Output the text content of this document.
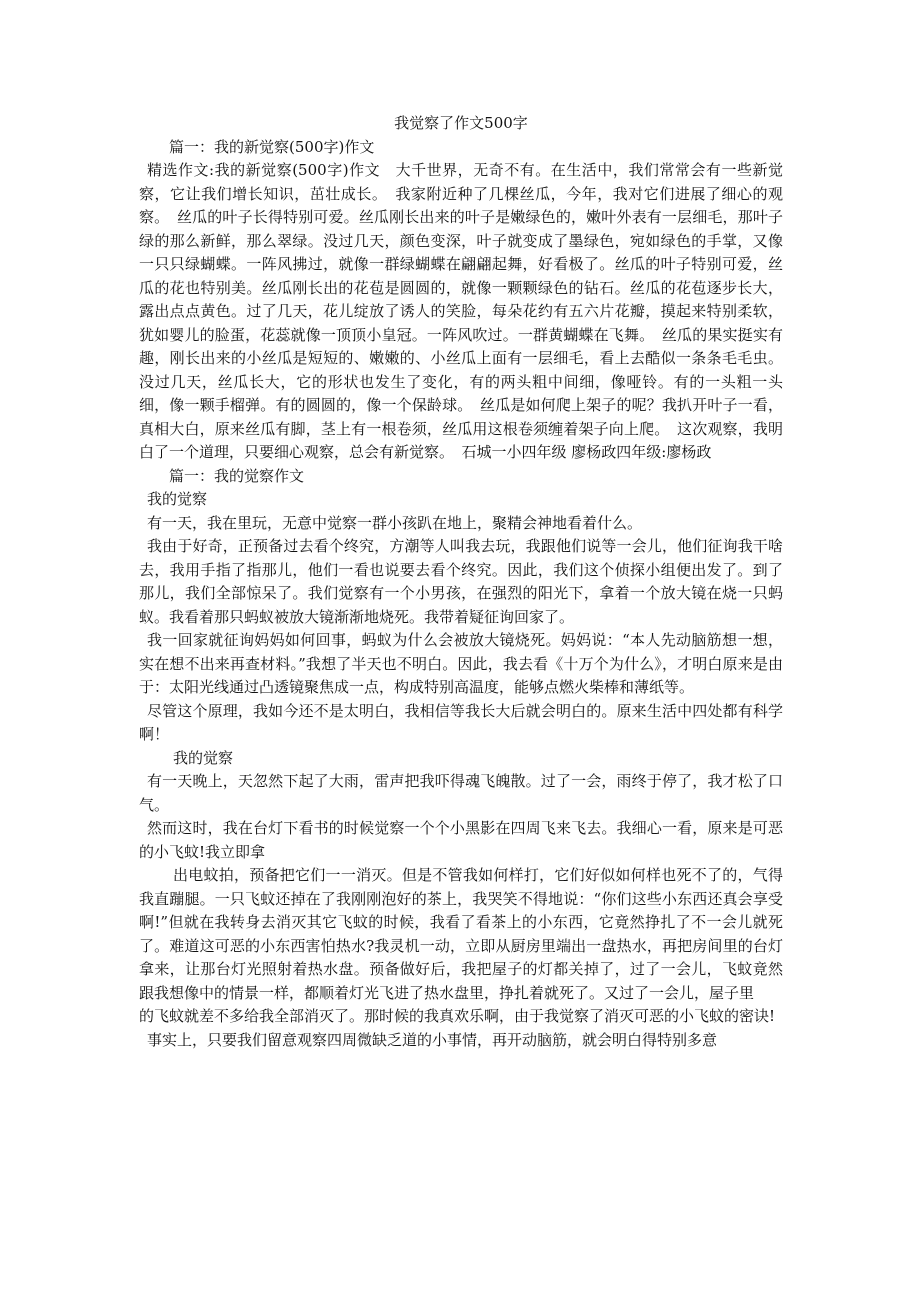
我觉察了作文500字

篇一：我的新觉察(500字)作文

精选作文:我的新觉察(500字)作文　大千世界，无奇不有。在生活中，我们常常会有一些新觉察，它让我们增长知识，茁壮成长。　我家附近种了几棵丝瓜，今年，我对它们进展了细心的观察。　丝瓜的叶子长得特别可爱。丝瓜刚长出来的叶子是嫩绿色的，嫩叶外表有一层细毛，那叶子绿的那么新鲜，那么翠绿。没过几天，颜色变深，叶子就变成了墨绿色，宛如绿色的手掌，又像一只只绿蝴蝶。一阵风拂过，就像一群绿蝴蝶在翩翩起舞，好看极了。丝瓜的叶子特别可爱，丝瓜的花也特别美。丝瓜刚长出的花苞是圆圆的，就像一颗颗绿色的钻石。丝瓜的花苞逐步长大，露出点点黄色。过了几天，花儿绽放了诱人的笑脸，每朵花约有五六片花瓣，摸起来特别柔软，犹如婴儿的脸蛋，花蕊就像一顶顶小皇冠。一阵风吹过。一群黄蝴蝶在飞舞。　丝瓜的果实挺实有趣，刚长出来的小丝瓜是短短的、嫩嫩的、小丝瓜上面有一层细毛，看上去酷似一条条毛毛虫。没过几天，丝瓜长大，它的形状也发生了变化，有的两头粗中间细，像哑铃。有的一头粗一头细，像一颗手榴弹。有的圆圆的，像一个保龄球。　丝瓜是如何爬上架子的呢？我扒开叶子一看，真相大白，原来丝瓜有脚，茎上有一根卷须，丝瓜用这根卷须缠着架子向上爬。　这次观察，我明白了一个道理，只要细心观察，总会有新觉察。　石城一小四年级 廖杨政四年级:廖杨政

篇一：我的觉察作文

我的觉察

有一天，我在里玩，无意中觉察一群小孩趴在地上，聚精会神地看着什么。

我由于好奇，正预备过去看个终究，方潮等人叫我去玩，我跟他们说等一会儿，他们征询我干啥去，我用手指了指那儿，他们一看也说要去看个终究。因此，我们这个侦探小组便出发了。到了那儿，我们全部惊呆了。我们觉察有一个小男孩，在强烈的阳光下，拿着一个放大镜在烧一只蚂蚁。我看着那只蚂蚁被放大镜渐渐地烧死。我带着疑征询回家了。

我一回家就征询妈妈如何回事，蚂蚁为什么会被放大镜烧死。妈妈说：“本人先动脑筋想一想，实在想不出来再查材料。”我想了半天也不明白。因此，我去看《十万个为什么》，才明白原来是由于：太阳光线通过凸透镜聚焦成一点，构成特别高温度，能够点燃火柴棒和薄纸等。

尽管这个原理，我如今还不是太明白，我相信等我长大后就会明白的。原来生活中四处都有科学啊！

我的觉察

有一天晚上，天忽然下起了大雨，雷声把我吓得魂飞魄散。过了一会，雨终于停了，我才松了口气。

然而这时，我在台灯下看书的时候觉察一个个小黑影在四周飞来飞去。我细心一看，原来是可恶的小飞蚊!我立即拿

出电蚊拍，预备把它们一一消灭。但是不管我如何样打，它们好似如何样也死不了的，气得我直蹦腿。一只飞蚊还掉在了我刚刚泡好的茶上，我哭笑不得地说：“你们这些小东西还真会享受啊!”但就在我转身去消灭其它飞蚊的时候，我看了看茶上的小东西，它竟然挣扎了不一会儿就死了。难道这可恶的小东西害怕热水?我灵机一动，立即从厨房里端出一盘热水，再把房间里的台灯拿来，让那台灯光照射着热水盘。预备做好后，我把屋子的灯都关掉了，过了一会儿，飞蚊竟然跟我想像中的情景一样，都顺着灯光飞进了热水盘里，挣扎着就死了。又过了一会儿，屋子里

的飞蚊就差不多给我全部消灭了。那时候的我真欢乐啊，由于我觉察了消灭可恶的小飞蚊的密诀!

事实上，只要我们留意观察四周微缺乏道的小事情，再开动脑筋，就会明白得特别多意
